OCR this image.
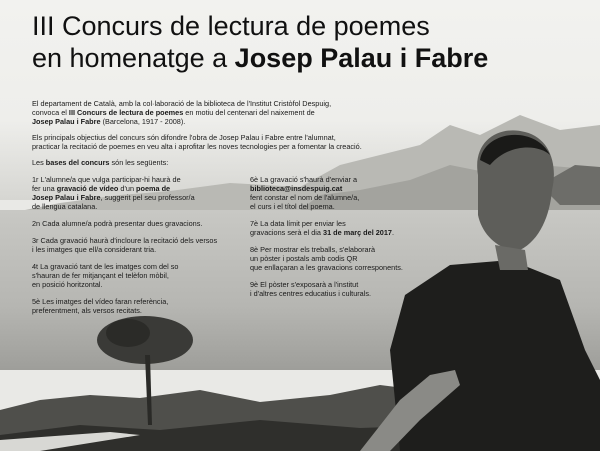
III Concurs de lectura de poemes
en homenatge a Josep Palau i Fabre
El departament de Català, amb la col·laboració de la biblioteca de l'Institut Cristòfol Despuig,
convoca el III Concurs de lectura de poemes en motiu del centenari del naixement de
Josep Palau i Fabre (Barcelona, 1917 - 2008).
Els principals objectius del concurs són difondre l'obra de Josep Palau i Fabre entre l'alumnat,
practicar la recitació de poemes en veu alta i aprofitar les noves tecnologies per a fomentar la creació.
Les bases del concurs són les següents:
1r L'alumne/a que vulga participar-hi haurà de
fer una gravació de vídeo d'un poema de
Josep Palau i Fabre, suggerit pel seu professor/a
de llengua catalana.
2n Cada alumne/a podrà presentar dues gravacions.
3r Cada gravació haurà d'incloure la recitació dels versos
i les imatges que ell/a considerant tria.
4t La gravació tant de les imatges com del so
s'hauran de fer mitjançant el telèfon mòbil,
en posició horitzontal.
5è Les imatges del vídeo faran referència,
preferentment, als versos recitats.
6è La gravació s'haurà d'enviar a
biblioteca@insdespuig.cat
fent constar el nom de l'alumne/a,
el curs i el títol del poema.
7è La data límit per enviar les
gravacions serà el dia 31 de març del 2017.
8è Per mostrar els treballs, s'elaborarà
un pòster i postals amb codis QR
que enllaçaran a les gravacions corresponents.
9è El pòster s'exposarà a l'institut
i d'altres centres educatius i culturals.
